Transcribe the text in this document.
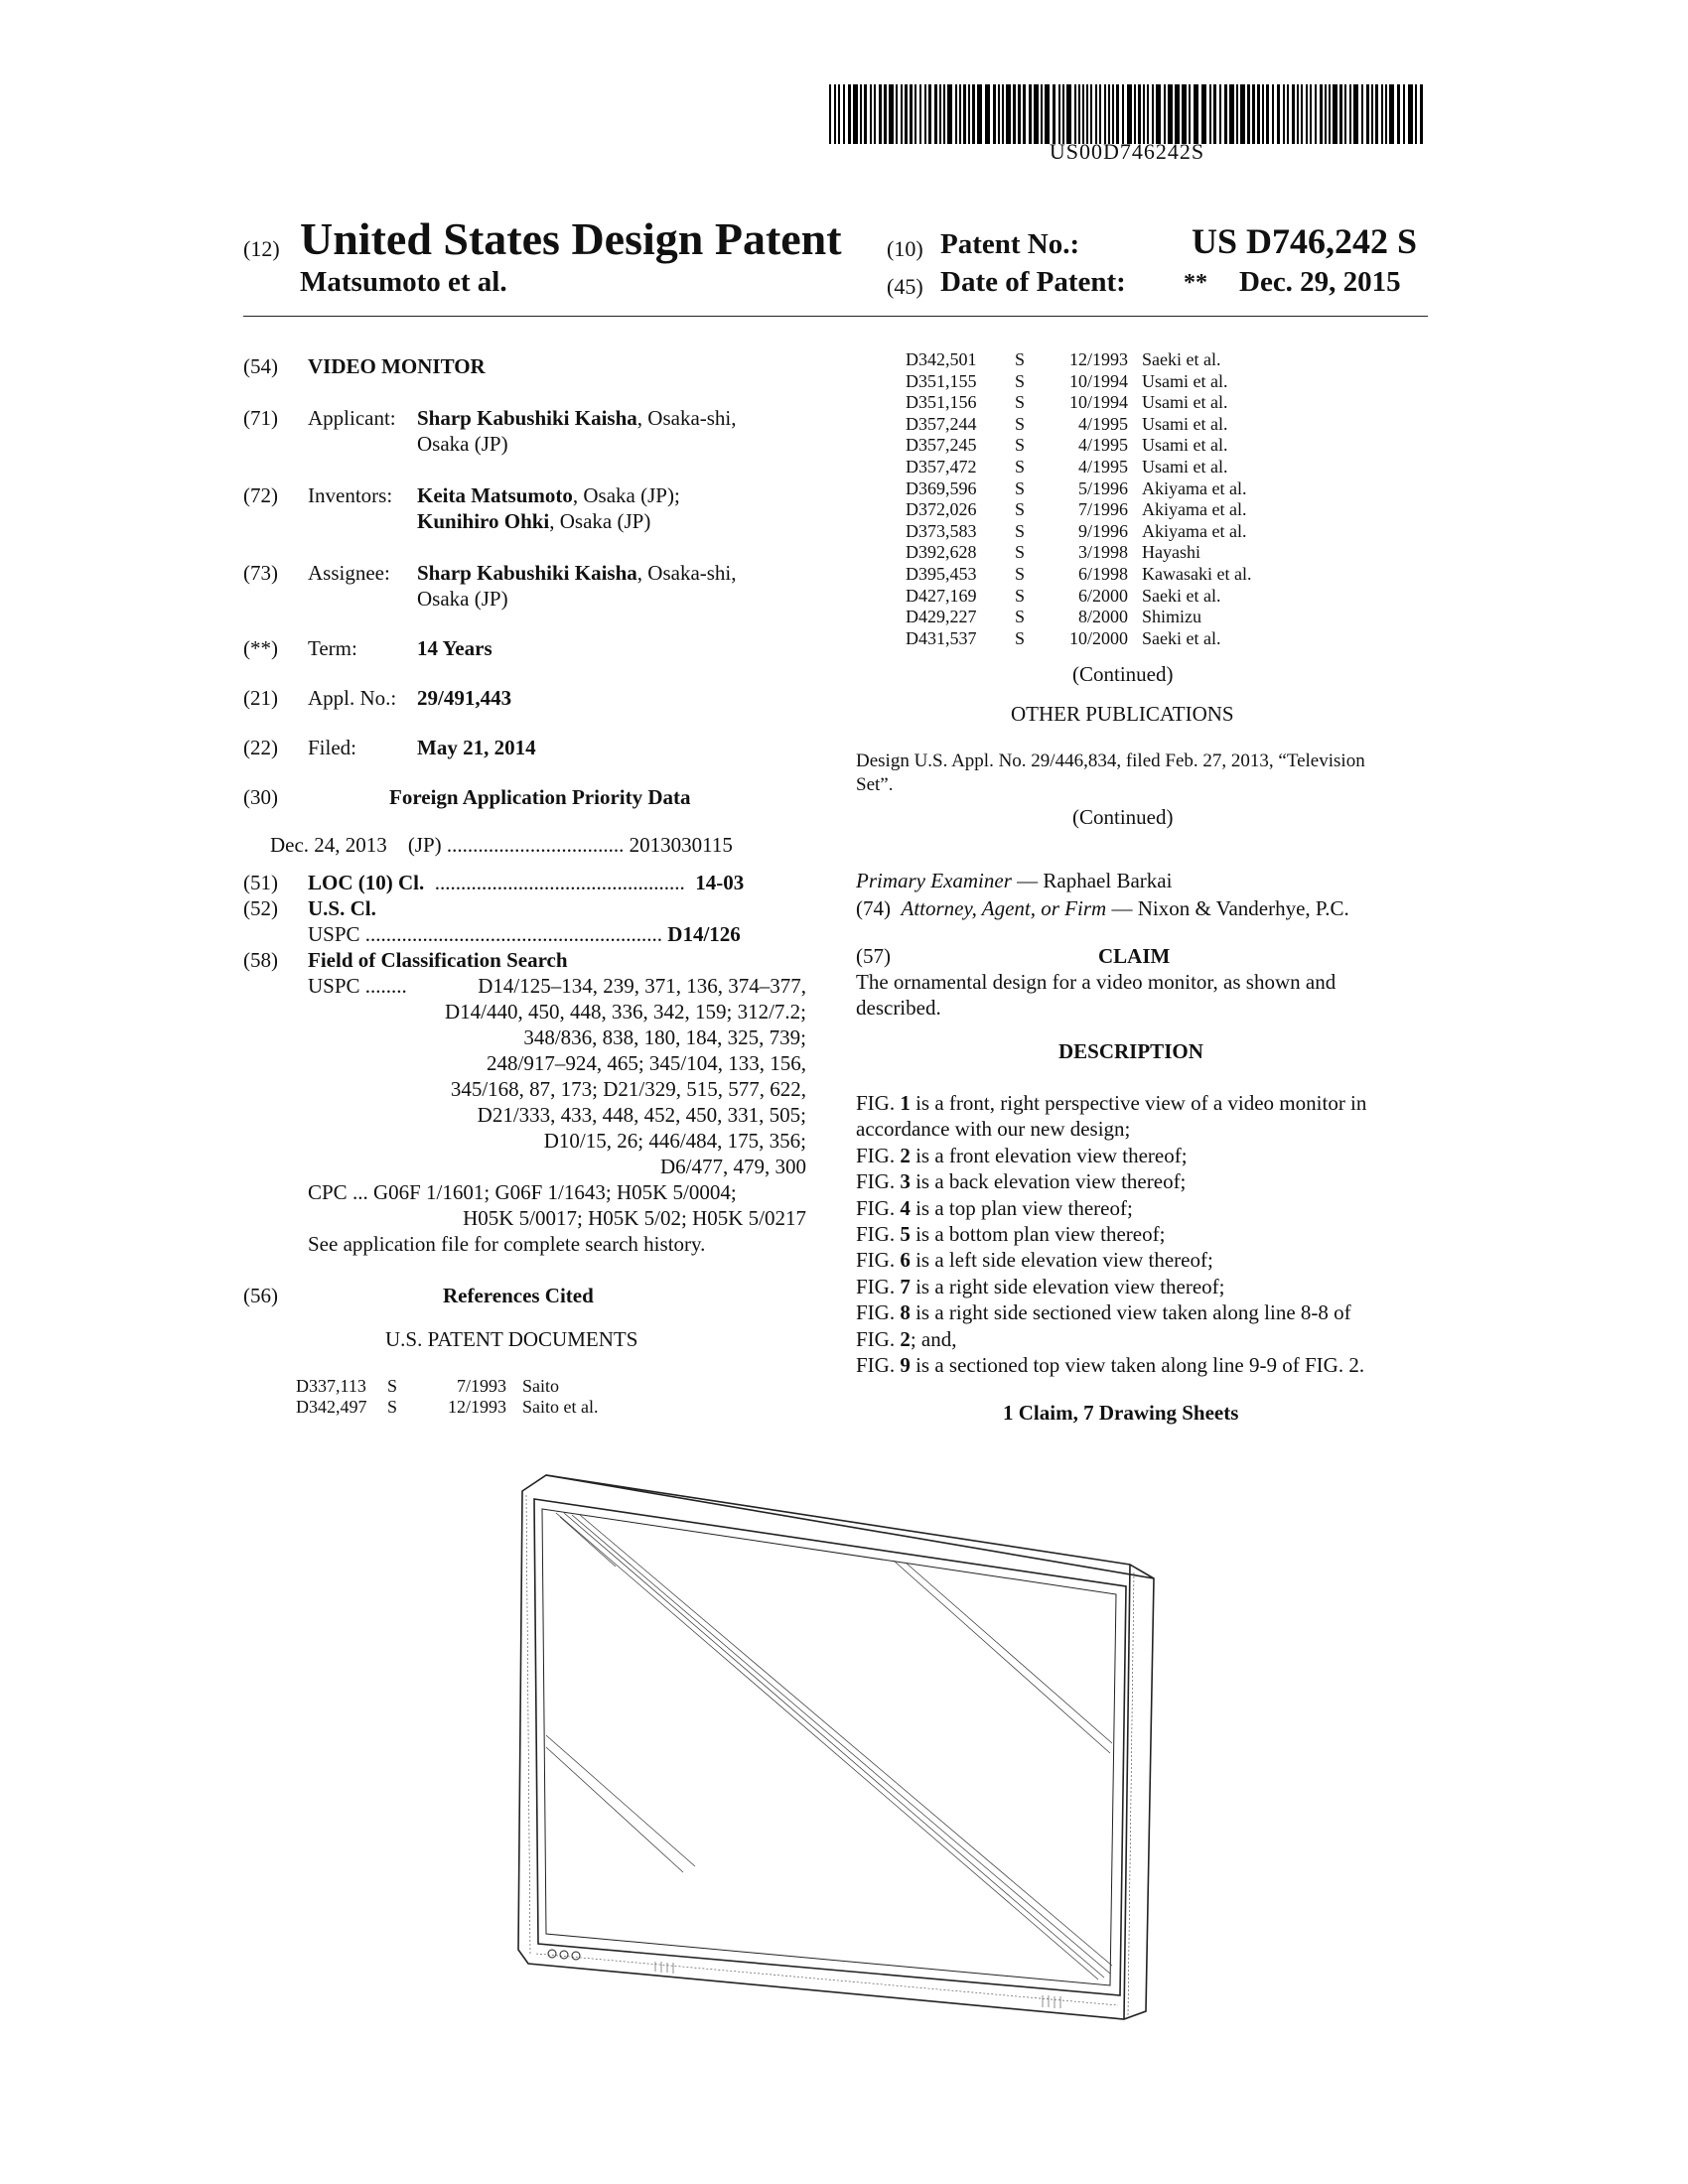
US00D746242S
(12) United States Design Patent
Matsumoto et al.
(10) Patent No.:	US D746,242 S
(45) Date of Patent: ** Dec. 29, 2015
(54) VIDEO MONITOR
(71) Applicant: Sharp Kabushiki Kaisha, Osaka-shi,
Osaka (JP)
(72) Inventors: Keita Matsumoto, Osaka (JP);
Kunihiro Ohki, Osaka (JP)
(73) Assignee: Sharp Kabushiki Kaisha, Osaka-shi,
Osaka (JP)
(**) Term:	14 Years
(21) Appl. No.: 29/491,443
(22) Filed:	May 21, 2014
(30)	Foreign Application Priority Data
Dec. 24, 2013 (JP) .................................. 2013030115
(51) LOC (10) Cl. ................................................ 14-03
(52) U.S. Cl.
USPC ......................................................... D14/126
(58) Field of Classification Search
USPC ........	D14/125–134, 239, 371, 136, 374–377,
D14/440, 450, 448, 336, 342, 159; 312/7.2;
348/836, 838, 180, 184, 325, 739;
248/917–924, 465; 345/104, 133, 156,
345/168, 87, 173; D21/329, 515, 577, 622,
D21/333, 433, 448, 452, 450, 331, 505;
D10/15, 26; 446/484, 175, 356;
D6/477, 479, 300
CPC ... G06F 1/1601; G06F 1/1643; H05K 5/0004;
H05K 5/0017; H05K 5/02; H05K 5/0217
See application file for complete search history.
(56)	References Cited
U.S. PATENT DOCUMENTS
D337,113	S	7/1993 Saito
D342,497	S	12/1993 Saito et al.
D342,501	S	12/1993 Saeki et al.
D351,155	S	10/1994 Usami et al.
D351,156	S	10/1994 Usami et al.
D357,244	S	4/1995 Usami et al.
D357,245	S	4/1995 Usami et al.
D357,472	S	4/1995 Usami et al.
D369,596	S	5/1996 Akiyama et al.
D372,026	S	7/1996 Akiyama et al.
D373,583	S	9/1996 Akiyama et al.
D392,628	S	3/1998 Hayashi
D395,453	S	6/1998 Kawasaki et al.
D427,169	S	6/2000 Saeki et al.
D429,227	S	8/2000 Shimizu
D431,537	S	10/2000 Saeki et al.
(Continued)
OTHER PUBLICATIONS
Design U.S. Appl. No. 29/446,834, filed Feb. 27, 2013, “Television
Set”.
(Continued)
Primary Examiner — Raphael Barkai
(74) Attorney, Agent, or Firm — Nixon & Vanderhye, P.C.
(57)	CLAIM
The ornamental design for a video monitor, as shown and
described.
DESCRIPTION
FIG. 1 is a front, right perspective view of a video monitor in
accordance with our new design;
FIG. 2 is a front elevation view thereof;
FIG. 3 is a back elevation view thereof;
FIG. 4 is a top plan view thereof;
FIG. 5 is a bottom plan view thereof;
FIG. 6 is a left side elevation view thereof;
FIG. 7 is a right side elevation view thereof;
FIG. 8 is a right side sectioned view taken along line 8-8 of
FIG. 2; and,
FIG. 9 is a sectioned top view taken along line 9-9 of FIG. 2.
1 Claim, 7 Drawing Sheets
